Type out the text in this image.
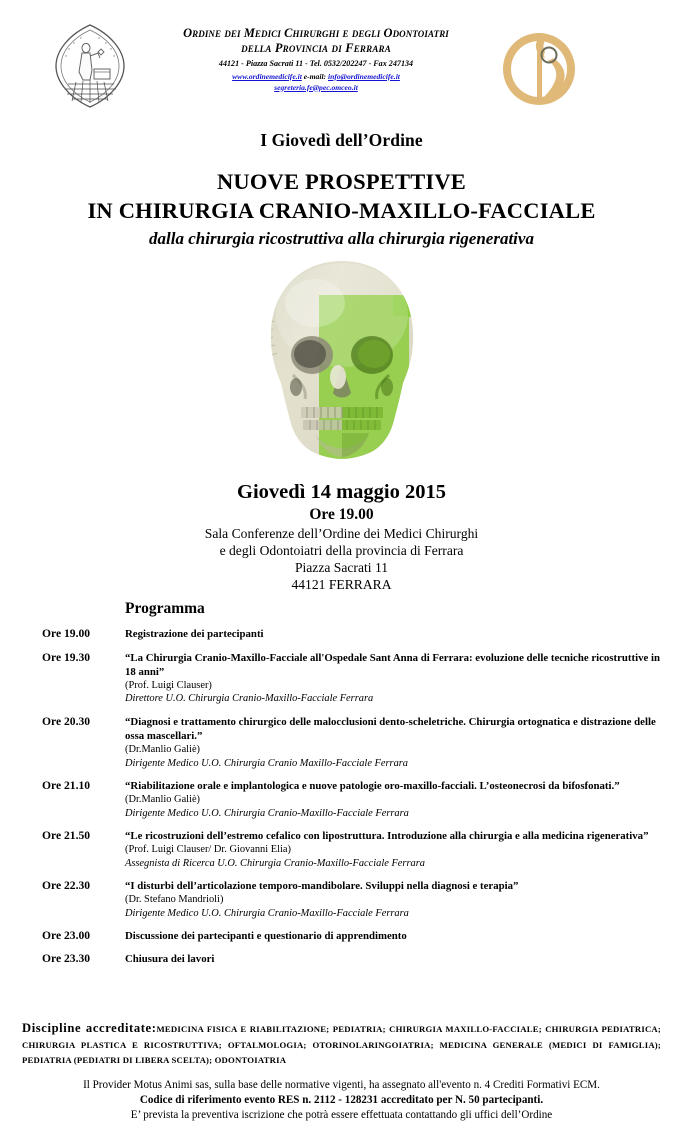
Ordine dei Medici Chirurghi e degli Odontoiatri
della Provincia di Ferrara
44121 - Piazza Sacrati 11 - Tel. 0532/202247 - Fax 247134
www.ordinemedicife.it e-mail: info@ordinemedicife.it
segreteria.fe@pec.omceo.it
I Giovedì dell’Ordine
NUOVE PROSPETTIVE
IN CHIRURGIA CRANIO-MAXILLO-FACCIALE
dalla chirurgia ricostruttiva alla chirurgia rigenerativa
Giovedì 14 maggio 2015
Ore 19.00
Sala Conferenze dell’Ordine dei Medici Chirurghi
e degli Odontoiatri della provincia di Ferrara
Piazza Sacrati 11
44121 FERRARA
Programma
Ore 19.00	Registrazione dei partecipanti
Ore 19.30	“La Chirurgia Cranio-Maxillo-Facciale all'Ospedale Sant Anna di Ferrara: evoluzione delle tecniche ricostruttive in 18 anni”
(Prof. Luigi Clauser)
Direttore U.O. Chirurgia Cranio-Maxillo-Facciale Ferrara
Ore 20.30	“Diagnosi e trattamento chirurgico delle malocclusioni dento-scheletriche. Chirurgia ortognatica e distrazione delle ossa mascellari.”
(Dr.Manlio Galiè)
Dirigente Medico U.O. Chirurgia Cranio Maxillo-Facciale Ferrara
Ore 21.10	“Riabilitazione orale e implantologica e nuove patologie oro-maxillo-facciali. L’osteonecrosi da bifosfonati.”
(Dr.Manlio Galiè)
Dirigente Medico U.O. Chirurgia Cranio-Maxillo-Facciale Ferrara
Ore 21.50	“Le ricostruzioni dell’estremo cefalico con lipostruttura. Introduzione alla chirurgia e alla medicina rigenerativa”
(Prof. Luigi Clauser/ Dr. Giovanni Elia)
Assegnista di Ricerca U.O. Chirurgia Cranio-Maxillo-Facciale Ferrara
Ore 22.30	“I disturbi dell’articolazione temporo-mandibolare. Sviluppi nella diagnosi e terapia”
(Dr. Stefano Mandrioli)
Dirigente Medico U.O. Chirurgia Cranio-Maxillo-Facciale Ferrara
Ore 23.00	Discussione dei partecipanti e questionario di apprendimento
Ore 23.30	Chiusura dei lavori
Discipline accreditate:MEDICINA FISICA E RIABILITAZIONE; PEDIATRIA; CHIRURGIA MAXILLO-FACCIALE; CHIRURGIA PEDIATRICA; CHIRURGIA PLASTICA E RICOSTRUTTIVA; OFTALMOLOGIA; OTORINOLARINGOIATRIA; MEDICINA GENERALE (MEDICI DI FAMIGLIA); PEDIATRIA (PEDIATRI DI LIBERA SCELTA); ODONTOIATRIA
Il Provider Motus Animi sas, sulla base delle normative vigenti, ha assegnato all'evento n. 4 Crediti Formativi ECM.
Codice di riferimento evento RES n. 2112 - 128231 accreditato per N. 50 partecipanti.
E’ prevista la preventiva iscrizione che potrà essere effettuata contattando gli uffici dell’Ordine
